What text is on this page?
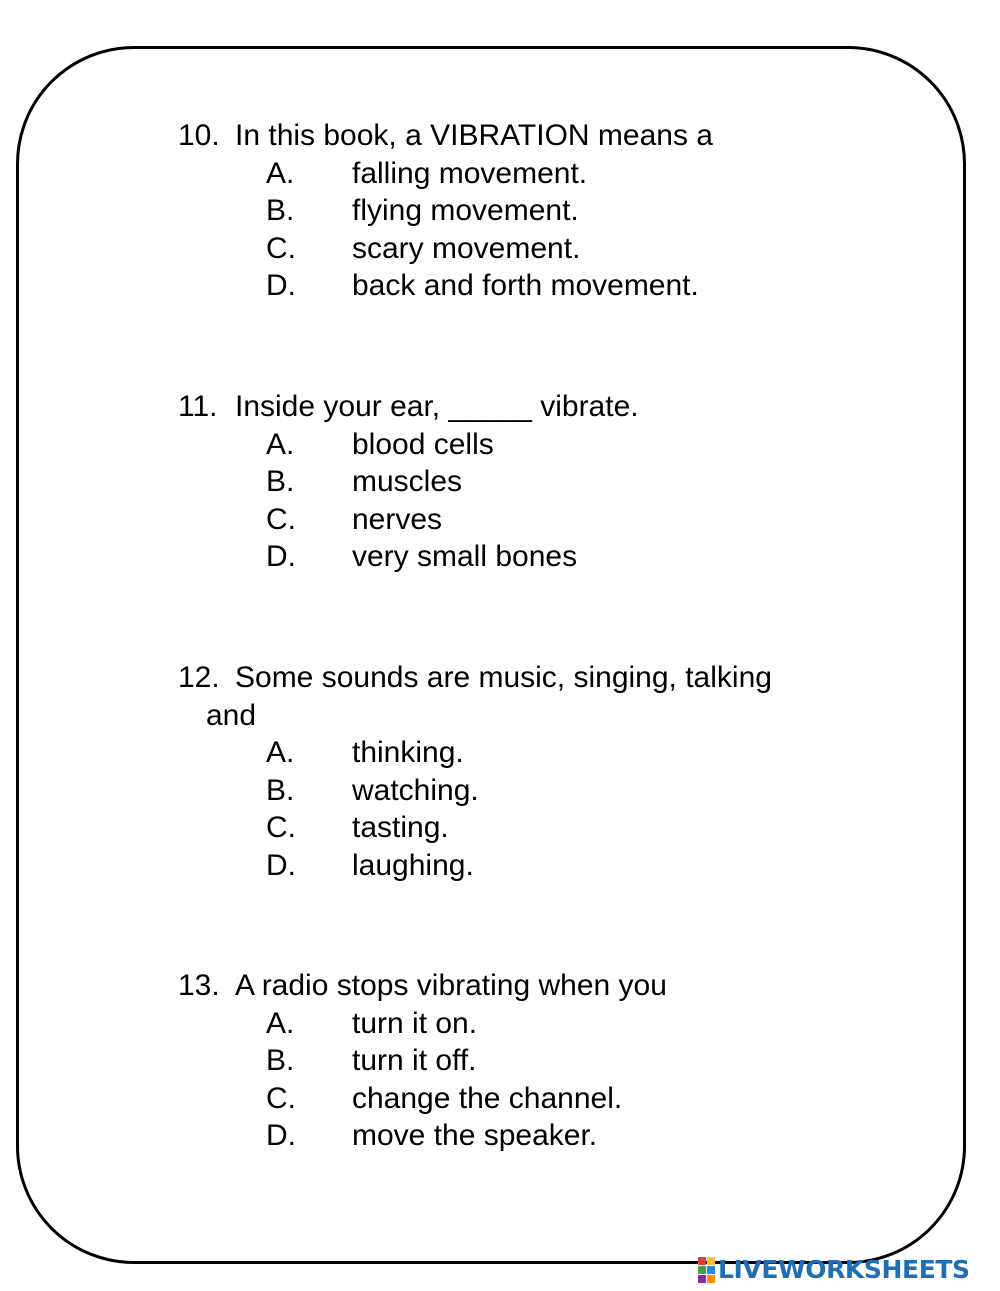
10. In this book, a VIBRATION means a
A.	falling movement.
B.	flying movement.
C.	scary movement.
D.	back and forth movement.
11. Inside your ear, _____ vibrate.
A.	blood cells
B.	muscles
C.	nerves
D.	very small bones
12. Some sounds are music, singing, talking
and
A.	thinking.
B.	watching.
C.	tasting.
D.	laughing.
13. A radio stops vibrating when you
A.	turn it on.
B.	turn it off.
C.	change the channel.
D.	move the speaker.
LIVEWORKSHEETS
